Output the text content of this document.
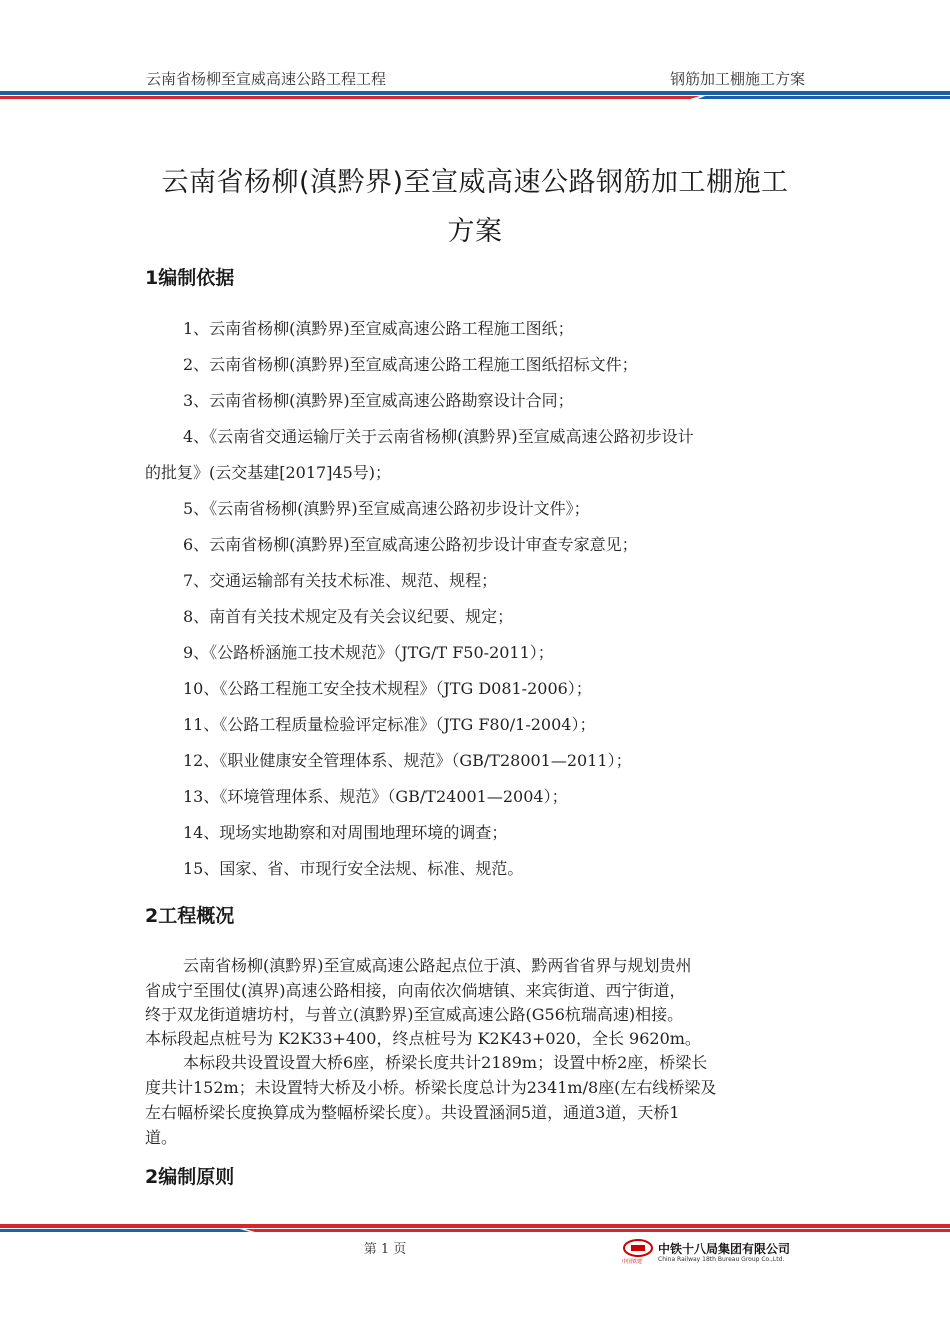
云南省杨柳至宣威高速公路工程工程	钢筋加工棚施工方案
云南省杨柳(滇黔界)至宣威高速公路钢筋加工棚施工
方案
1编制依据
1、云南省杨柳(滇黔界)至宣威高速公路工程施工图纸；
2、云南省杨柳(滇黔界)至宣威高速公路工程施工图纸招标文件；
3、云南省杨柳(滇黔界)至宣威高速公路勘察设计合同；
4、《云南省交通运输厅关于云南省杨柳(滇黔界)至宣威高速公路初步设计
的批复》(云交基建[2017]45号)；
5、《云南省杨柳(滇黔界)至宣威高速公路初步设计文件》；
6、云南省杨柳(滇黔界)至宣威高速公路初步设计审查专家意见；
7、交通运输部有关技术标准、规范、规程；
8、南首有关技术规定及有关会议纪要、规定；
9、《公路桥涵施工技术规范》（JTG/T F50-2011）；
10、《公路工程施工安全技术规程》（JTG D081-2006）；
11、《公路工程质量检验评定标准》（JTG F80/1-2004）；
12、《职业健康安全管理体系、规范》（GB/T28001—2011）；
13、《环境管理体系、规范》（GB/T24001—2004）；
14、现场实地勘察和对周围地理环境的调查；
15、国家、省、市现行安全法规、标准、规范。
2工程概况
云南省杨柳(滇黔界)至宣威高速公路起点位于滇、黔两省省界与规划贵州
省成宁至围仗(滇界)高速公路相接，向南依次倘塘镇、来宾街道、西宁街道，
终于双龙街道塘坊村，与普立(滇黔界)至宣威高速公路(G56杭瑞高速)相接。
本标段起点桩号为 K2K33+400，终点桩号为 K2K43+020，全长 9620m。
本标段共设置设置大桥6座，桥梁长度共计2189m；设置中桥2座，桥梁长
度共计152m；未设置特大桥及小桥。桥梁长度总计为2341m/8座(左右线桥梁及
左右幅桥梁长度换算成为整幅桥梁长度）。共设置涵洞5道，通道3道，天桥1
道。
2编制原则
第 1 页
中国铁建
中铁十八局集团有限公司
China Railway 18th Bureau Group Co.,Ltd.
